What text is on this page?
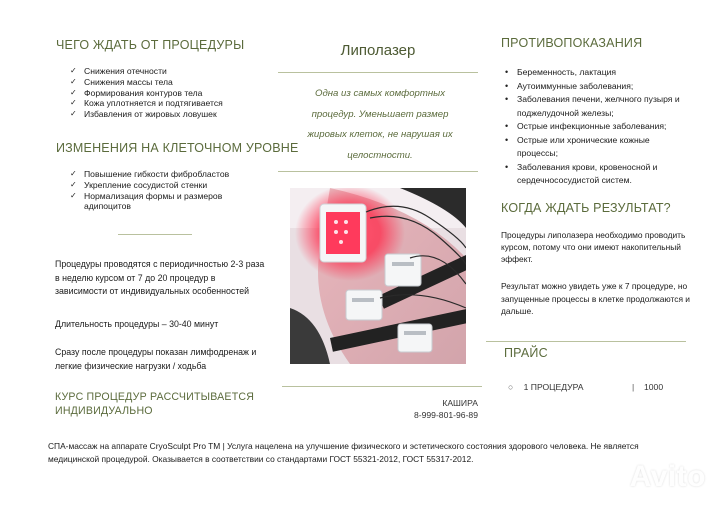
ЧЕГО ЖДАТЬ ОТ ПРОЦЕДУРЫ
✓ Снижения отечности
✓ Снижения массы тела
✓ Формирования контуров тела
✓ Кожа уплотняется и подтягивается
✓ Избавления от жировых ловушек
ИЗМЕНЕНИЯ НА КЛЕТОЧНОМ УРОВНЕ
✓ Повышение гибкости фибробластов
✓ Укрепление сосудистой стенки
✓ Нормализация формы и размеров адипоцитов

Процедуры проводятся с периодичностью 2-3 раза в неделю курсом от 7 до 20 процедур в зависимости от индивидуальных особенностей

Длительность процедуры – 30-40 минут

Сразу после процедуры показан лимфодренаж и легкие физические нагрузки / ходьба

КУРС ПРОЦЕДУР РАССЧИТЫВАЕТСЯ
ИНДИВИДУАЛЬНО
Липолазер

Одна из самых комфортных процедур. Уменьшает размер жировых клеток, не нарушая их целостности.

КАШИРА
8-999-801-96-89
ПРОТИВОПОКАЗАНИЯ
• Беременность, лактация
• Аутоиммунные заболевания;
• Заболевания печени, желчного пузыря и поджелудочной железы;
• Острые инфекционные заболевания;
• Острые или хронические кожные процессы;
• Заболевания крови, кровеносной и сердечнососудистой систем.
КОГДА ЖДАТЬ РЕЗУЛЬТАТ?

Процедуры липолазера необходимо проводить курсом, потому что они имеют накопительный эффект.

Результат можно увидеть уже к 7 процедуре, но запущенные процессы в клетке продолжаются и дальше.

ПРАЙС
○ 1 ПРОЦЕДУРА	| 1000

СПА-массаж на аппарате CryoSculpt Pro TM | Услуга нацелена на улучшение физического и эстетического состояния здорового человека. Не является медицинской процедурой. Оказывается в соответствии со стандартами ГОСТ 55321-2012, ГОСТ 55317-2012.

Avito
